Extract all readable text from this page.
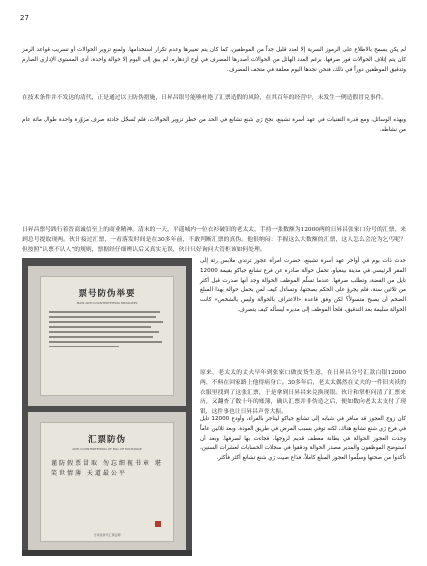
27
لم يكن يسمح بالاطلاع على الرموز السرية إلا لعدد قليل جداً من الموظفين، كما كان يتم تغييرها وعدم تكرار استخدامها. ولمنع تزوير الحوالات أو تسريب قواعد الرمز كان يتم إتلاف الحوالات فور صرفها. برغم العدد الهائل من الحوالات أصدرها المصرف في أوج ازدهاره، لم يبق إلى اليوم إلا حوالة واحدة، أدى المستوى الإداري الصارم وتدقيق الموظفين دوراً في ذلك، فنحن نجدها اليوم معلقة في متحف المصرف.
在技术条件并不发达的清代，正是通过以上防伪措施，日昇昌银号能够杜绝了汇票造假的风险，在其百年的经营中，未发生一例造假冒兑事件。
وبهذه الوسائل، ومع قدرة التقنيات في عهد أسرة تشينغ، نجح رَي شنغ تشانغ في الحد من خطر تزوير الحوالات، فلم تُسجّل حادثة صرف مزوّرة واحدة طوال مائة عام من نشاطه.
日昇昌票号践行着晋商诚信至上的商业精神。清末的一天，平遥城内一位衣衫破旧的老太太，手持一张数额为12000两的日昇昌张家口分号的汇票，来到总号提取现两。伙计接过汇票，一看落发时间是在30多年前，不敢判断汇票的真伪。他很纳闷：手握这么大数额的汇票，这人怎么会沦为乞丐呢？但按照“认票不认人”的规则，票据经仔细辨认后又真实无误，伙计只好询问大管柜该如何处理。
票号防伪举要
MAIN ANTI-COUNTERFEITING MEASURES
汇票防伪
ANTI-COUNTERFEITING OF BILL OF EXCHANGE
谨防假票冒取 勿忘细视书章 堪笑世情薄 天道最公平
日昇昌票号汇票密押
حدث ذات يوم في أواخر عهد أسرة تشينغ، حضرت امرأة عجوز ترتدي ملابس رثة إلى المقر الرئيسي في مدينة بينغياو، تحمل حوالة صادرة عن فرع تشانغ جياكو بقيمة 12000 تايل من الفضة، وتطلب صرفها. عندما تسلّم الموظف الحوالة وجد أنها صدرت قبل أكثر من ثلاثين سنة، فلم يجرؤ على الحكم بصحتها، وتساءل كيف لمن يحمل حوالة بهذا المبلغ الضخم أن يصبح متسولاً؟ لكن وفق قاعدة «الاعتراف بالحوالة وليس بالشخص» كانت الحوالة سليمة بعد التدقيق، فلجأ الموظف إلى مديره ليسأله كيف يتصرف.
原来，老太太的丈夫早年到张家口做皮货生意，在日昇昌分号汇款白银12000两，不料在回家路上他得病身亡。30多年后，老太太偶然在丈夫的一件旧夹袄的衣服里找到了这张汇票，于是拿到日昇昌来兑换现银。伙计和掌柜问清了汇票来历，又翻查了数十年的账簿，确认汇票并非伪造之后，便如数向老太太支付了现银，这件事也让日昇昌声誉大振。
كان زوج العجوز قد سافر في شبابه إلى تشانغ جياكو ليتاجر بالفراء، وأودع 12000 تايل في فرع رَي شنغ تشانغ هناك، لكنه توفي بسبب المرض في طريق العودة. وبعد ثلاثين عاماً وجدت العجوز الحوالة في بطانة معطف قديم لزوجها، فجاءت بها لصرفها. وبعد أن استوضح الموظفون والمدير مصدر الحوالة ودققوا في سجلات الحسابات لعشرات السنين، تأكدوا من صحتها وسلّموا العجوز المبلغ كاملاً، فذاع صيت رَي شنغ تشانغ أكثر فأكثر.
